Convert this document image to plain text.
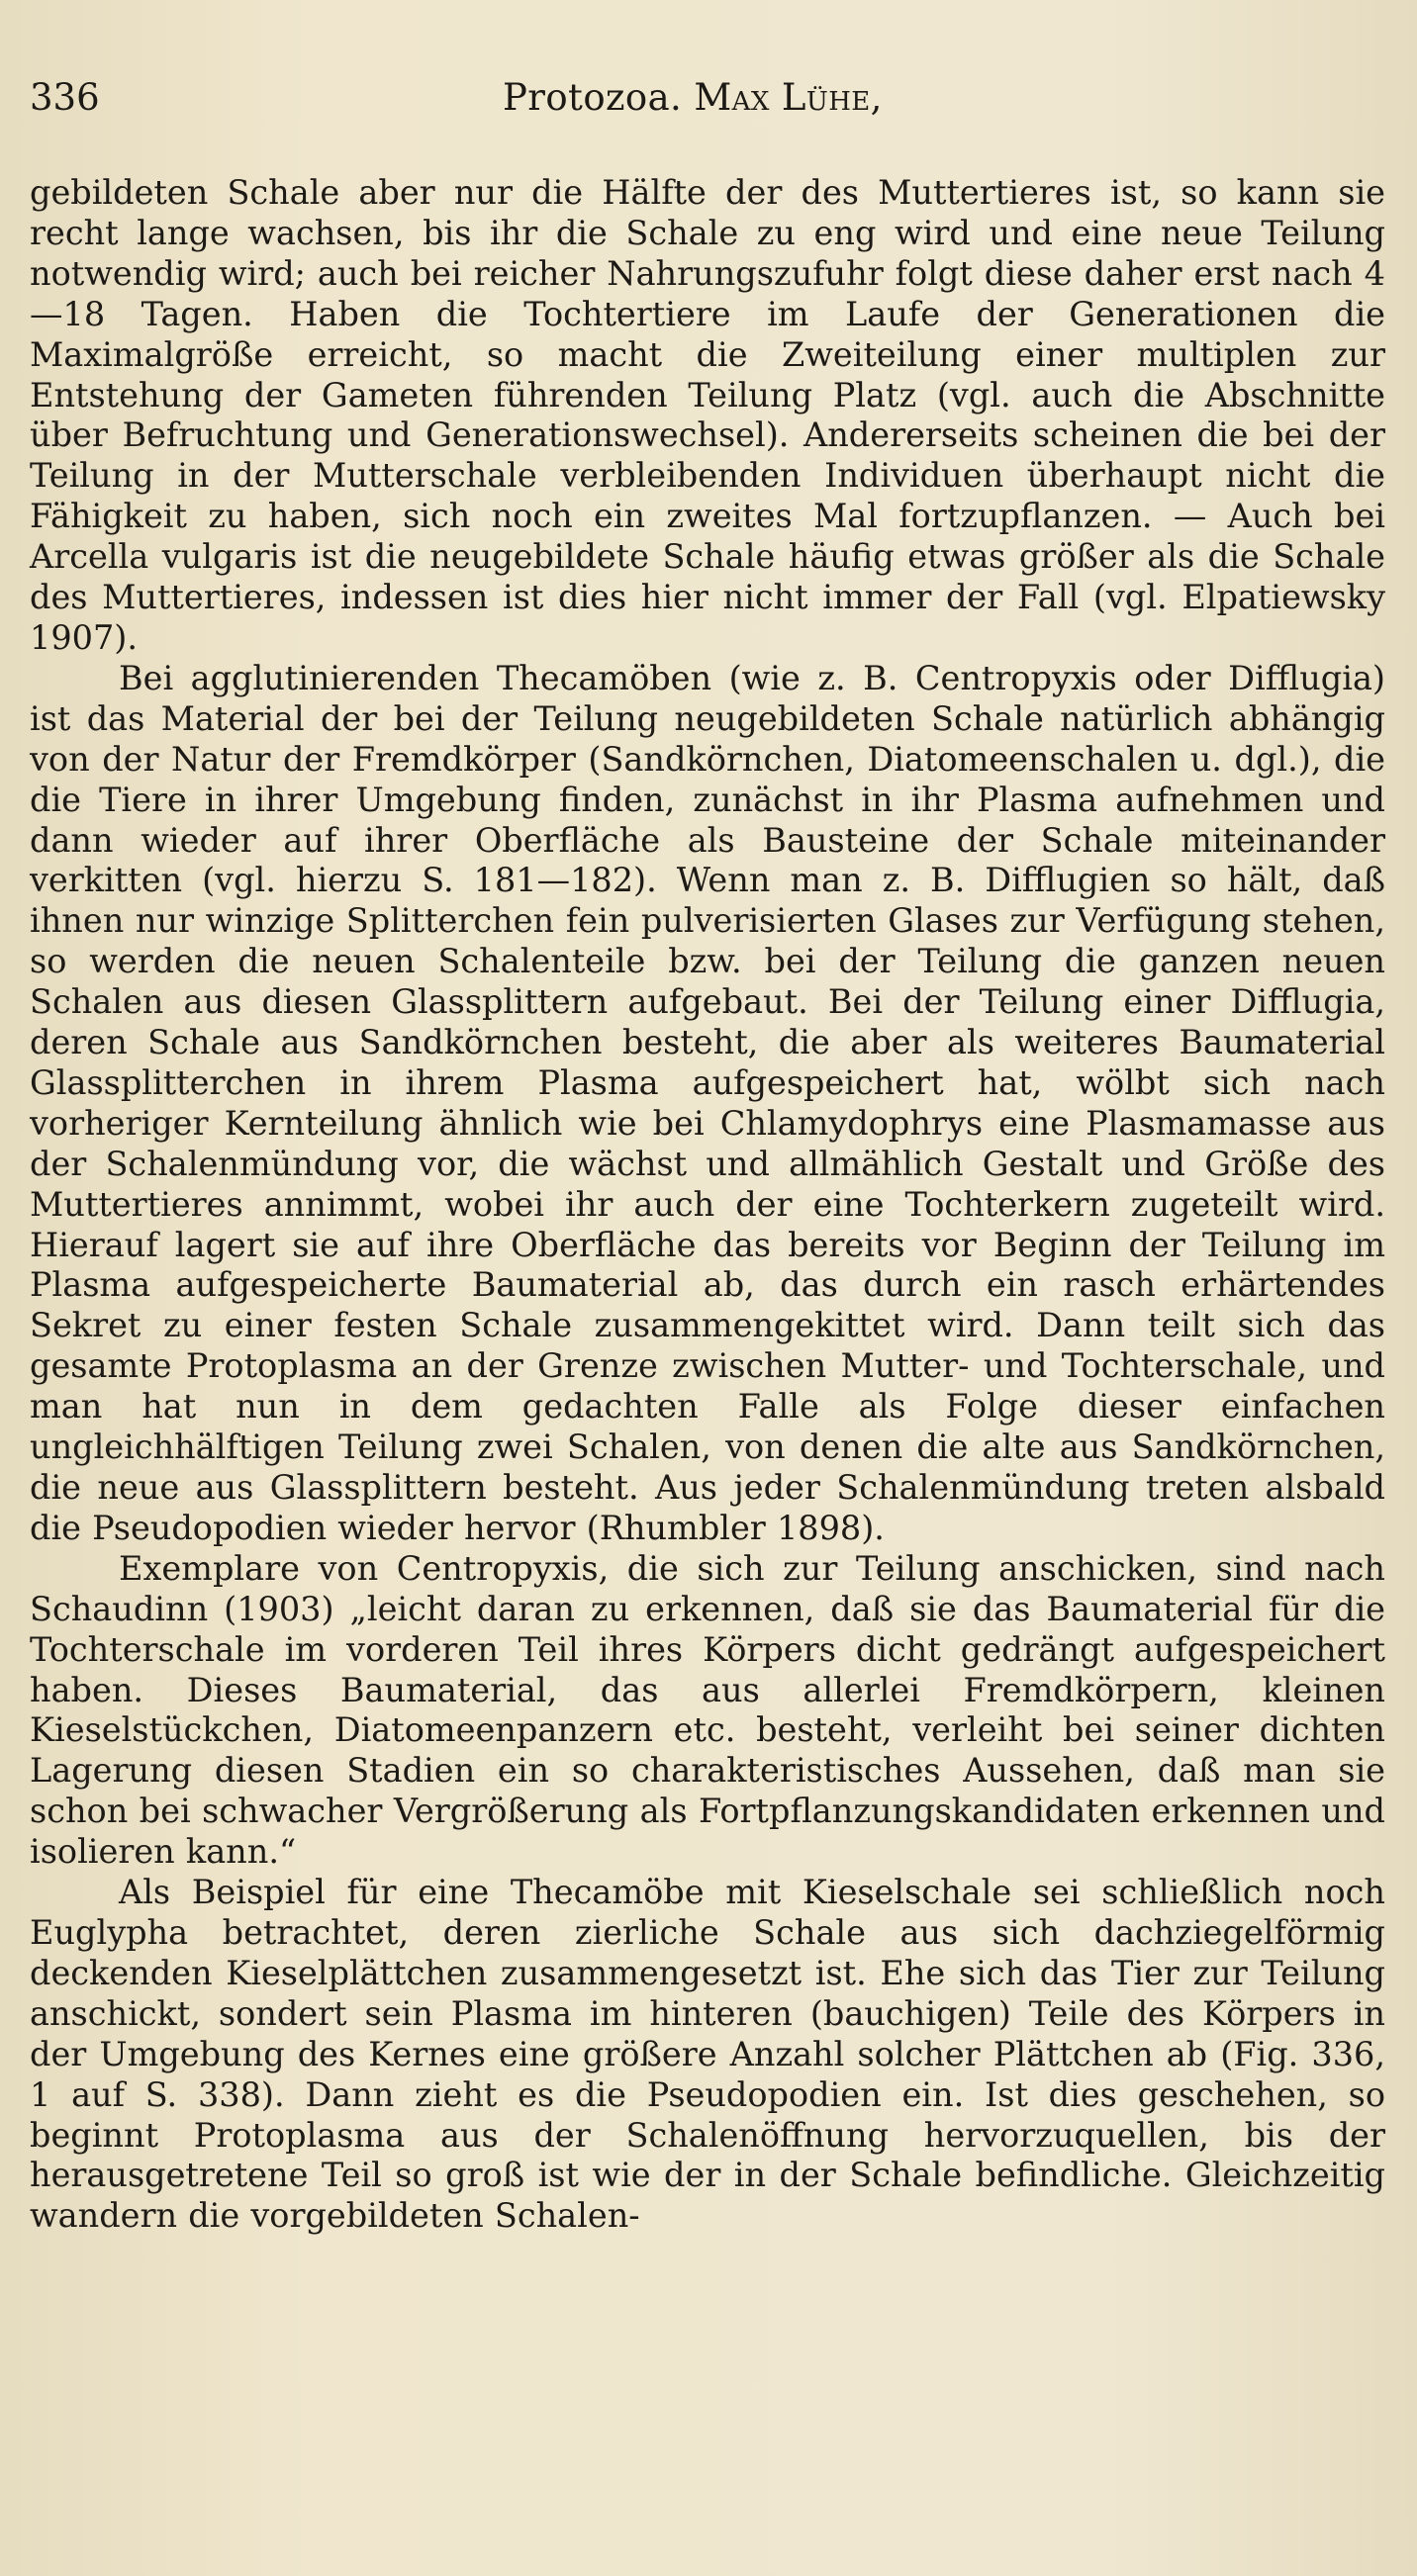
336	Protozoa. Max Lühe,

gebildeten Schale aber nur die Hälfte der des Muttertieres ist, so kann sie recht lange wachsen, bis ihr die Schale zu eng wird und eine neue Teilung notwendig wird; auch bei reicher Nahrungszufuhr folgt diese daher erst nach 4—18 Tagen. Haben die Tochtertiere im Laufe der Generationen die Maximalgröße erreicht, so macht die Zweiteilung einer multiplen zur Entstehung der Gameten führenden Teilung Platz (vgl. auch die Abschnitte über Befruchtung und Generationswechsel). Andererseits scheinen die bei der Teilung in der Mutterschale verbleibenden Individuen überhaupt nicht die Fähigkeit zu haben, sich noch ein zweites Mal fortzupflanzen. — Auch bei Arcella vulgaris ist die neugebildete Schale häufig etwas größer als die Schale des Muttertieres, indessen ist dies hier nicht immer der Fall (vgl. Elpatiewsky 1907).

Bei agglutinierenden Thecamöben (wie z. B. Centropyxis oder Difflugia) ist das Material der bei der Teilung neugebildeten Schale natürlich abhängig von der Natur der Fremdkörper (Sandkörnchen, Diatomeenschalen u. dgl.), die die Tiere in ihrer Umgebung finden, zunächst in ihr Plasma aufnehmen und dann wieder auf ihrer Oberfläche als Bausteine der Schale miteinander verkitten (vgl. hierzu S. 181—182). Wenn man z. B. Difflugien so hält, daß ihnen nur winzige Splitterchen fein pulverisierten Glases zur Verfügung stehen, so werden die neuen Schalenteile bzw. bei der Teilung die ganzen neuen Schalen aus diesen Glassplittern aufgebaut. Bei der Teilung einer Difflugia, deren Schale aus Sandkörnchen besteht, die aber als weiteres Baumaterial Glassplitterchen in ihrem Plasma aufgespeichert hat, wölbt sich nach vorheriger Kernteilung ähnlich wie bei Chlamydophrys eine Plasmamasse aus der Schalenmündung vor, die wächst und allmählich Gestalt und Größe des Muttertieres annimmt, wobei ihr auch der eine Tochterkern zugeteilt wird. Hierauf lagert sie auf ihre Oberfläche das bereits vor Beginn der Teilung im Plasma aufgespeicherte Baumaterial ab, das durch ein rasch erhärtendes Sekret zu einer festen Schale zusammengekittet wird. Dann teilt sich das gesamte Protoplasma an der Grenze zwischen Mutter- und Tochterschale, und man hat nun in dem gedachten Falle als Folge dieser einfachen ungleichhälftigen Teilung zwei Schalen, von denen die alte aus Sandkörnchen, die neue aus Glassplittern besteht. Aus jeder Schalenmündung treten alsbald die Pseudopodien wieder hervor (Rhumbler 1898).

Exemplare von Centropyxis, die sich zur Teilung anschicken, sind nach Schaudinn (1903) „leicht daran zu erkennen, daß sie das Baumaterial für die Tochterschale im vorderen Teil ihres Körpers dicht gedrängt aufgespeichert haben. Dieses Baumaterial, das aus allerlei Fremdkörpern, kleinen Kieselstückchen, Diatomeenpanzern etc. besteht, verleiht bei seiner dichten Lagerung diesen Stadien ein so charakteristisches Aussehen, daß man sie schon bei schwacher Vergrößerung als Fortpflanzungskandidaten erkennen und isolieren kann.“

Als Beispiel für eine Thecamöbe mit Kieselschale sei schließlich noch Euglypha betrachtet, deren zierliche Schale aus sich dachziegelförmig deckenden Kieselplättchen zusammengesetzt ist. Ehe sich das Tier zur Teilung anschickt, sondert sein Plasma im hinteren (bauchigen) Teile des Körpers in der Umgebung des Kernes eine größere Anzahl solcher Plättchen ab (Fig. 336, 1 auf S. 338). Dann zieht es die Pseudopodien ein. Ist dies geschehen, so beginnt Protoplasma aus der Schalenöffnung hervorzuquellen, bis der herausgetretene Teil so groß ist wie der in der Schale befindliche. Gleichzeitig wandern die vorgebildeten Schalen-
